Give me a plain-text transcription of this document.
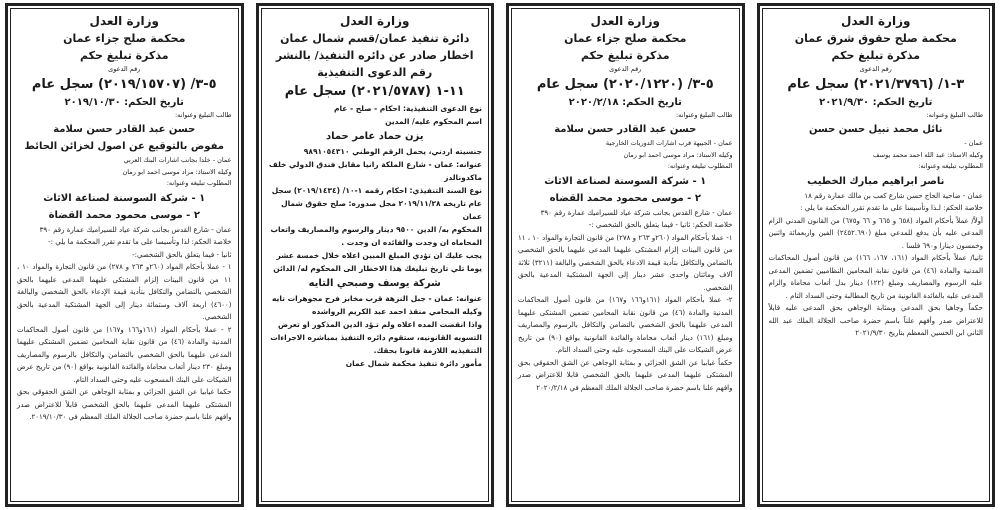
وزارة العدل
محكمة صلح حقوق شرق عمان
مذكرة تبليغ حكم
رقم الدعوى
٣-١/ (٢٠٢١/٣٧٩٦) سجل عام
تاريخ الحكم: ٢٠٢١/٩/٣٠
طالب التبليغ وعنوانه:
نائل محمد نبيل حسن حسن
عمان -
وكيله الاستاذ: عبد الله احمد محمد يوسف
المطلوب تبليغه وعنوانه:
ناصر ابراهيم مبارك الخطيب
عمان - ضاحية الحاج حسن شارع كعب بن مالك عمارة رقم ١٨
خلاصة الحكم: لـذا وتأسيسا على ما تقدم تقرر المحكمة ما يلي :
أولاً/ عملاً بأحكام المواد (٦٥٨ و ٦٦٥ و ٦٦ و٦٧٥) من القانون المدني الزام المدعى عليه بأن يدفع للمدعي مبلغ (٢٤٥٢.٦٩٠) الفين واربعمائة واثنين وخمسون دينارا و٦٩٠ فلسا .
ثانيا/ عملاً بأحكام المواد (١٦١، ١٦٧، ١٦٦) من قانون أصول المحاكمات المدنية والمادة (٤٦) من قانون نقابة المحامين النظاميين تضمين المدعى عليه الرسوم والمصاريف ومبلغ (١٢٢) دينار بدل أتعاب محاماة والزام المدعى عليه بالفائدة القانونية من تاريخ المطالبة وحتى السداد التام .
حكماً وجاهيا بحق المدعي وبمثابة الوجاهي بحق المدعى عليه قابلاً للاعتراض صدر وأفهم علناً باسم حضرة صاحب الجلالة الملك عبد الله الثاني ابن الحسين المعظم بتاريخ ٢٠٢١/٩/٣٠
وزارة العدل
محكمة صلح جزاء عمان
مذكرة تبليغ حكم
رقم الدعوى
٥-٣/ (٢٠٢٠/١٢٢٠) سجل عام
تاريخ الحكم: ٢٠٢٠/٢/١٨
طالب التبليغ وعنوانه:
حسن عبد القادر حسن سلامة
عمان - الجبيهة قرب اشارات الدوريات الخارجية
وكيله الاستاذ: مراد موسى احمد ابو رمان
المطلوب تبليغه وعنوانه:
١ - شركة السوسنة لصناعة الاثاث
٢ - موسى محمود محمد القضاه
عمان - شارع القدس بجانب شركة عياد للسيراميك عمارة رقم ٣٩٠
خلاصة الحكم: ثانيا - فيما يتعلق بالحق الشخصي :-
١- عملا بأحكام المواد (٢٦٠و ٢٦٣ و ٢٧٨) من قانون التجارة والمواد ١٠ ، ١١ من قانون البينات إلزام المشتكى عليهما المدعى عليهما بالحق الشخصي بالتضامن والتكافل بتأدية قيمة الادعاء بالحق الشخصي والبالغة (٣٢١١) ثلاثة آلاف ومائتان واحدى عشر دينار إلى الجهة المشتكية المدعية بالحق الشخصي.
٢- عملا بأحكام المواد (١٦١و١٦٦ و١٦٧) من قانون أصول المحاكمات المدنية والمادة (٤٦) من قانون نقابة المحامين تضمين المشتكى عليهما المدعى عليهما بالحق الشخصي بالتضامن والتكافل بالرسوم والمصاريف ومبلغ (١٦١) دينار أتعاب محاماة والفائدة القانونية بواقع (٩٠) من تاريخ عرض الشيكات على البنك المسحوب عليه وحتى السداد التام.
حكماً غيابيا عن الشق الجزائي و بمثابة الوجاهي عن الشق الحقوقي بحق المشتكى عليهما المدعى عليهما بالحق الشخصي قابلا للاعتراض صدر وافهم علنا باسم حضرة صاحب الجلالة الملك المعظم في ٢٠٢٠/٢/١٨
وزارة العدل
دائرة تنفيذ عمان/قسم شمال عمان
اخطار صادر عن دائره التنفيذ/ بالنشر
رقم الدعوى التنفيذية
١١-١ (٢٠٢١/٥٧٨٧) سجل عام
نوع الدعوى التنفيذية: احكام - صلح - عام
اسم المحكوم عليه/ المدين
يزن حماد عامر حماد
جنسيته اردني، يحمل الرقم الوطني ٩٨٩١٠٥٤٣١٠
عنوانه: عمان - شارع الملكة رانيا مقابل فندق الدولي خلف ماكدونالدز
نوع السند التنفيذي: احكام رقمه ١-١٠/ (٢٠١٩/١٤٣٤) سجل عام تاريخه ٢٠١٩/١١/٢٨ محل صدوره: صلح حقوق شمال عمان
المحكوم به/ الدين ٩٥٠٠ دينار والرسوم والمصاريف واتعاب المحاماه ان وجدت والفائده ان وجدت .
يجب عليك ان تؤدي المبلغ المبين اعلاه خلال خمسة عشر يوما تلي تاريخ تبليغك هذا الاخطار الى المحكوم له/ الدائن
شركة يوسف وصبحي التايه
عنوانه: عمان - جبل النزهة قرب مخابز فرح مجوهرات تايه
وكيله المحامي منقذ احمد عبد الكريم الرواشده
واذا انقضت المده اعلاه ولم تـؤد الدين المذكور او تعرض التسويه القانونيه، ستقوم دائره التنفيذ بمباشره الاجراءات التنفيذيه اللازمة قانونا بحقك.
مأمور دائرة تنفيذ محكمة شمال عمان
وزارة العدل
محكمة صلح جزاء عمان
مذكرة تبليغ حكم
رقم الدعوى
٥-٣/ (٢٠١٩/١٥٧٠٧) سجل عام
تاريخ الحكم: ٢٠١٩/١٠/٣٠
طالب التبليغ وعنوانه:
حسن عبد القادر حسن سلامة
مفوض بالتوقيع عن اصول لخزائن الحائط
عمان - خلدا بجانب اشارات البنك العربي
وكيله الاستاذ: مراد موسى احمد ابو رمان
المطلوب تبليغه وعنوانه:
١ - شركة السوسنة لصناعة الاثاث
٢ - موسى محمود محمد القضاة
عمان - شارع القدس بجانب شركة عياد للسيراميك عمارة رقم ٣٩٠
خلاصة الحكم: لذا وتأسيسا على ما تقدم تقرر المحكمة ما يلي :-
ثانيا - فيما يتعلق بالحق الشخصي:-
١ - عملا بأحكام المواد (٢٦٠و ٢٦٣ و ٢٧٨) من قانون التجارة والمواد ١٠ ، ١١ من قانون البينات إلزام المشتكى عليهما المدعى عليهما بالحق الشخصي بالتضامن والتكافل بتأدية قيمة الإدعاء بالحق الشخصي والبالغة (٤٦٠٠) اربعة آلاف وستمائة دينار إلى الجهة المشتكية المدعية بالحق الشخصي.
٢ - عملا بأحكام المواد (١٦١و١٦٦ و١٦٧) من قانون أصول المحاكمات المدنية والمادة (٤٦) من قانون نقابة المحامين تضمين المشتكى عليهما المدعى عليهما بالحق الشخصي بالتضامن والتكافل بالرسوم والمصاريف ومبلغ ٢٣٠ دينار أتعاب محاماة والفائدة القانونية بواقع (٩٠) من تاريخ عرض الشيكات على البنك المسحوب عليه وحتى السداد التام.
حكما غيابيا عن الشق الجزائي و بمثابة الوجاهي عن الشق الحقوقي بحق المشتكى عليهما المدعى عليهما بالحق الشخصي قابلاً للاعتراض صدر وافهم علنا باسم حضرة صاحب الجلالة الملك المعظم في ٢٠١٩/١٠/٣٠.
